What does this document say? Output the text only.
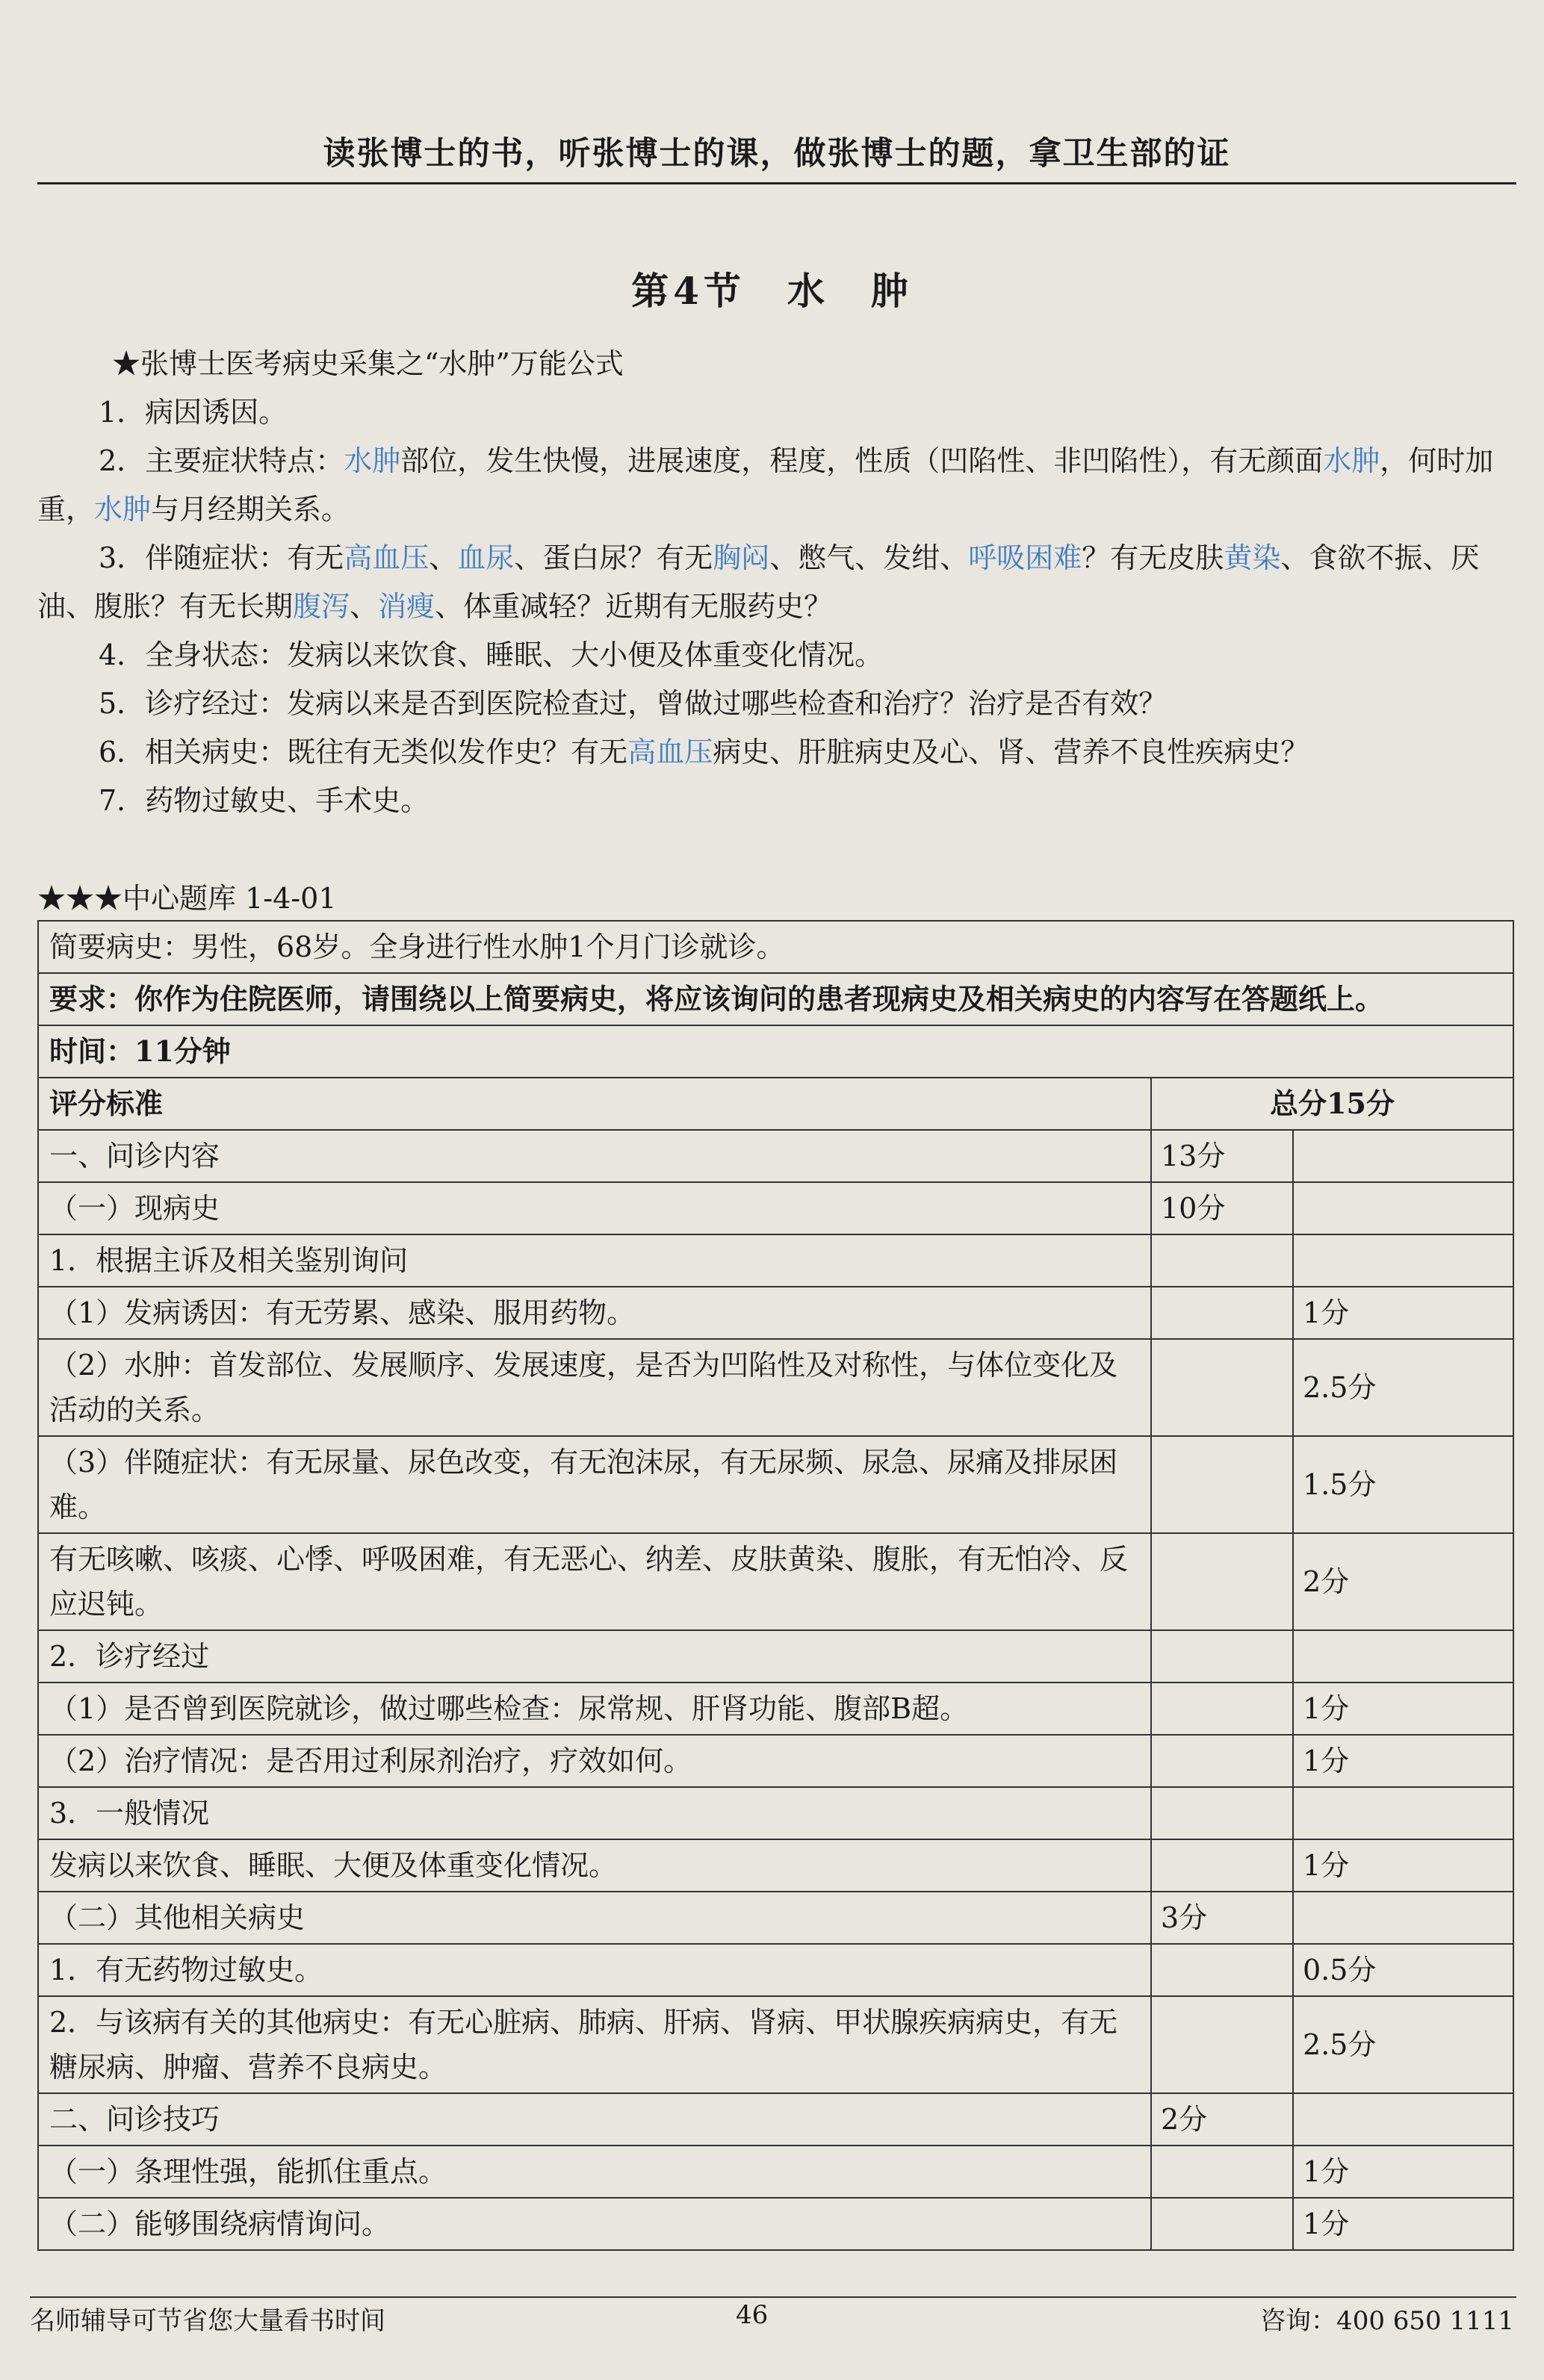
读张博士的书，听张博士的课，做张博士的题，拿卫生部的证
第4节　水　肿

★张博士医考病史采集之“水肿”万能公式

1．病因诱因。

2．主要症状特点：水肿部位，发生快慢，进展速度，程度，性质（凹陷性、非凹陷性），有无颜面水肿，何时加重，水肿与月经期关系。

3．伴随症状：有无高血压、血尿、蛋白尿？有无胸闷、憋气、发绀、呼吸困难？有无皮肤黄染、食欲不振、厌油、腹胀？有无长期腹泻、消瘦、体重减轻？近期有无服药史？

4．全身状态：发病以来饮食、睡眠、大小便及体重变化情况。

5．诊疗经过：发病以来是否到医院检查过，曾做过哪些检查和治疗？治疗是否有效？

6．相关病史：既往有无类似发作史？有无高血压病史、肝脏病史及心、肾、营养不良性疾病史？

7．药物过敏史、手术史。

★★★中心题库 1-4-01
简要病史：男性，68岁。全身进行性水肿1个月门诊就诊。		
要求：你作为住院医师，请围绕以上简要病史，将应该询问的患者现病史及相关病史的内容写在答题纸上。		
时间：11分钟		
评分标准	总分15分	
一、问诊内容	13分	
（一）现病史	10分	
1．根据主诉及相关鉴别询问		
（1）发病诱因：有无劳累、感染、服用药物。		1分
（2）水肿：首发部位、发展顺序、发展速度，是否为凹陷性及对称性，与体位变化及活动的关系。		2.5分
（3）伴随症状：有无尿量、尿色改变，有无泡沫尿，有无尿频、尿急、尿痛及排尿困难。		1.5分
有无咳嗽、咳痰、心悸、呼吸困难，有无恶心、纳差、皮肤黄染、腹胀，有无怕冷、反应迟钝。		2分
2．诊疗经过		
（1）是否曾到医院就诊，做过哪些检查：尿常规、肝肾功能、腹部B超。		1分
（2）治疗情况：是否用过利尿剂治疗，疗效如何。		1分
3．一般情况		
发病以来饮食、睡眠、大便及体重变化情况。		1分
（二）其他相关病史	3分	
1．有无药物过敏史。		0.5分
2．与该病有关的其他病史：有无心脏病、肺病、肝病、肾病、甲状腺疾病病史，有无糖尿病、肿瘤、营养不良病史。		2.5分
二、问诊技巧	2分	
（一）条理性强，能抓住重点。		1分
（二）能够围绕病情询问。		1分
名师辅导可节省您大量看书时间	46	咨询：400 650 1111
